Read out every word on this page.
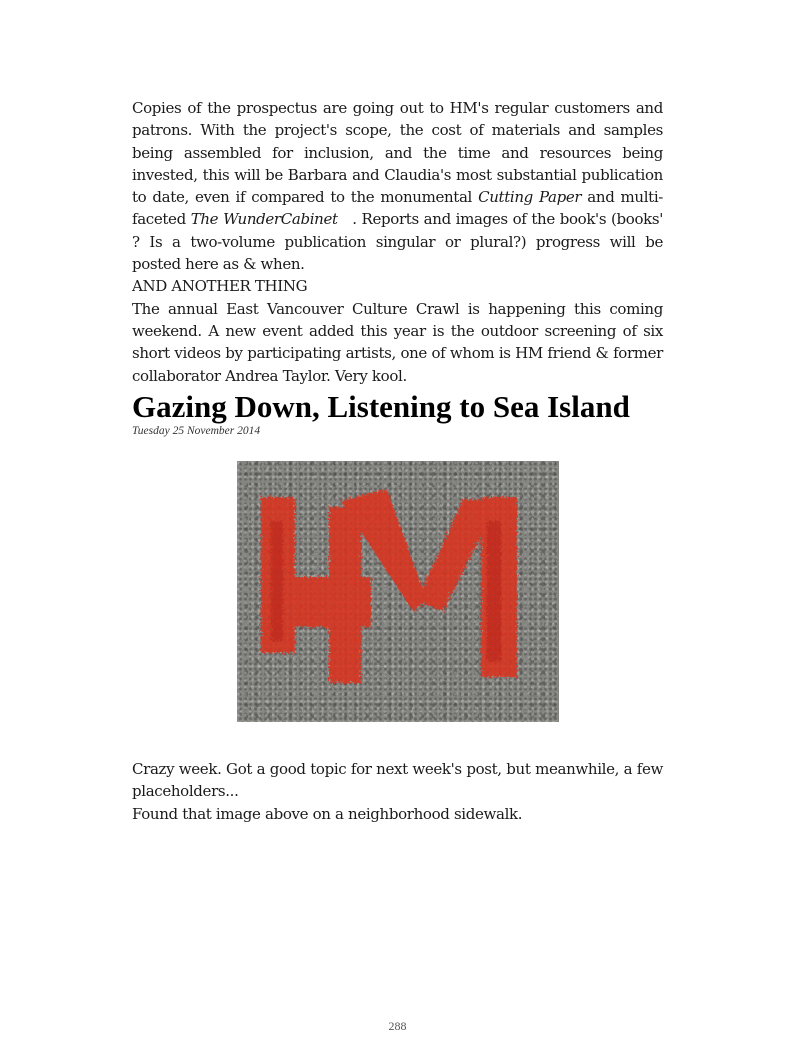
Copies of the prospectus are going out to HM's regular customers and patrons. With the project's scope, the cost of materials and samples being assembled for inclusion, and the time and resources being invested, this will be Barbara and Claudia's most substantial publication to date, even if compared to the monumental Cutting Paper and multi-faceted The WunderCabinet . Reports and images of the book's (books' ? Is a two-volume publication singular or plural?) progress will be posted here as & when.

AND ANOTHER THING

The annual East Vancouver Culture Crawl is happening this coming weekend. A new event added this year is the outdoor screening of six short videos by participating artists, one of whom is HM friend & former collaborator Andrea Taylor. Very kool.

Gazing Down, Listening to Sea Island
Tuesday 25 November 2014

Crazy week. Got a good topic for next week's post, but meanwhile, a few placeholders...

Found that image above on a neighborhood sidewalk.

288
